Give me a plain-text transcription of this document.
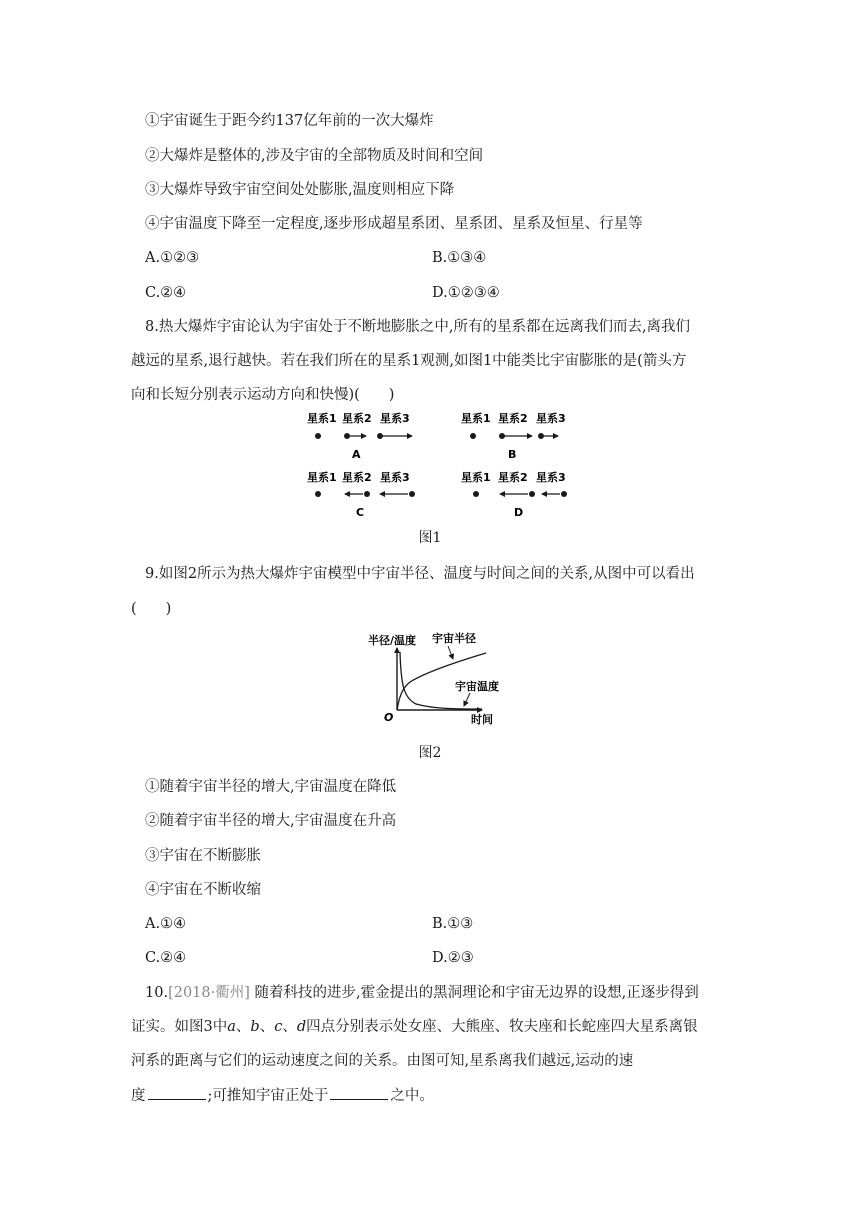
①宇宙诞生于距今约137亿年前的一次大爆炸
②大爆炸是整体的,涉及宇宙的全部物质及时间和空间
③大爆炸导致宇宙空间处处膨胀,温度则相应下降
④宇宙温度下降至一定程度,逐步形成超星系团、星系团、星系及恒星、行星等
A.①②③	B.①③④
C.②④	D.①②③④
8.热大爆炸宇宙论认为宇宙处于不断地膨胀之中,所有的星系都在远离我们而去,离我们
越远的星系,退行越快。若在我们所在的星系1观测,如图1中能类比宇宙膨胀的是(箭头方
向和长短分别表示运动方向和快慢)(　　)
星系1 星系2 星系3
A
星系1 星系2 星系3
B
星系1 星系2 星系3
C
星系1 星系2 星系3
D
图1
9.如图2所示为热大爆炸宇宙模型中宇宙半径、温度与时间之间的关系,从图中可以看出
(　　)
半径/温度 宇宙半径
宇宙温度
O	时间
图2
①随着宇宙半径的增大,宇宙温度在降低
②随着宇宙半径的增大,宇宙温度在升高
③宇宙在不断膨胀
④宇宙在不断收缩
A.①④	B.①③
C.②④	D.②③
10.[2018·衢州] 随着科技的进步,霍金提出的黑洞理论和宇宙无边界的设想,正逐步得到
证实。如图3中a、b、c、d四点分别表示处女座、大熊座、牧夫座和长蛇座四大星系离银
河系的距离与它们的运动速度之间的关系。由图可知,星系离我们越远,运动的速
度	;可推知宇宙正处于	之中。
